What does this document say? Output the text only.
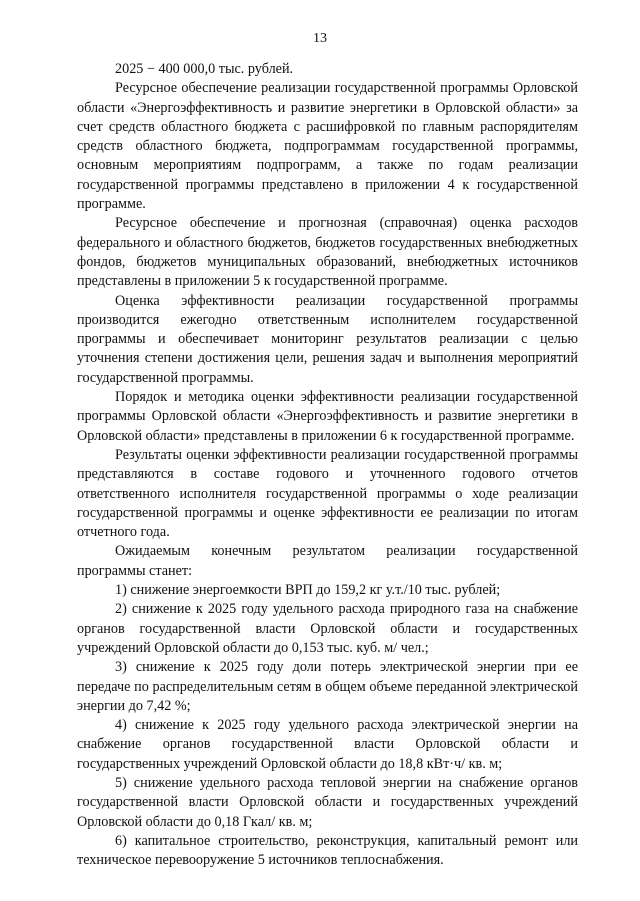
13

2025 − 400 000,0 тыс. рублей.

Ресурсное обеспечение реализации государственной программы Орловской области «Энергоэффективность и развитие энергетики в Орловской области» за счет средств областного бюджета с расшифровкой по главным распорядителям средств областного бюджета, подпрограммам государственной программы, основным мероприятиям подпрограмм, а также по годам реализации государственной программы представлено в приложении 4 к государственной программе.

Ресурсное обеспечение и прогнозная (справочная) оценка расходов федерального и областного бюджетов, бюджетов государственных внебюджетных фондов, бюджетов муниципальных образований, внебюджетных источников представлены в приложении 5 к государственной программе.

Оценка эффективности реализации государственной программы производится ежегодно ответственным исполнителем государственной программы и обеспечивает мониторинг результатов реализации с целью уточнения степени достижения цели, решения задач и выполнения мероприятий государственной программы.

Порядок и методика оценки эффективности реализации государственной программы Орловской области «Энергоэффективность и развитие энергетики в Орловской области» представлены в приложении 6 к государственной программе.

Результаты оценки эффективности реализации государственной программы представляются в составе годового и уточненного годового отчетов ответственного исполнителя государственной программы о ходе реализации государственной программы и оценке эффективности ее реализации по итогам отчетного года.

Ожидаемым конечным результатом реализации государственной программы станет:

1) снижение энергоемкости ВРП до 159,2 кг у.т./10 тыс. рублей;

2) снижение к 2025 году удельного расхода природного газа на снабжение органов государственной власти Орловской области и государственных учреждений Орловской области до 0,153 тыс. куб. м/ чел.;

3) снижение к 2025 году доли потерь электрической энергии при ее передаче по распределительным сетям в общем объеме переданной электрической энергии до 7,42 %;

4) снижение к 2025 году удельного расхода электрической энергии на снабжение органов государственной власти Орловской области и государственных учреждений Орловской области до 18,8 кВт·ч/ кв. м;

5) снижение удельного расхода тепловой энергии на снабжение органов государственной власти Орловской области и государственных учреждений Орловской области до 0,18 Гкал/ кв. м;

6) капитальное строительство, реконструкция, капитальный ремонт или техническое перевооружение 5 источников теплоснабжения.
